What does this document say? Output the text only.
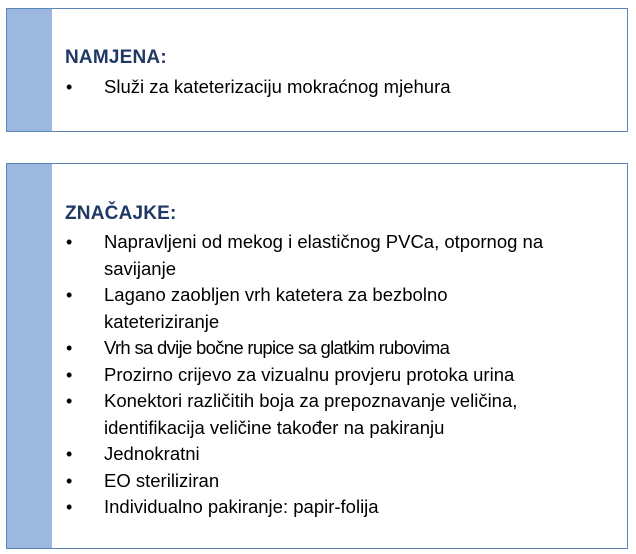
NAMJENA:
• Služi za kateterizaciju mokraćnog mjehura
ZNAČAJKE:
• Napravljeni od mekog i elastičnog PVCa, otpornog na savijanje
• Lagano zaobljen vrh katetera za bezbolno kateteriziranje
• Vrh sa dvije bočne rupice sa glatkim rubovima
• Prozirno crijevo za vizualnu provjeru protoka urina
• Konektori različitih boja za prepoznavanje veličina, identifikacija veličine također na pakiranju
• Jednokratni
• EO steriliziran
• Individualno pakiranje: papir-folija
